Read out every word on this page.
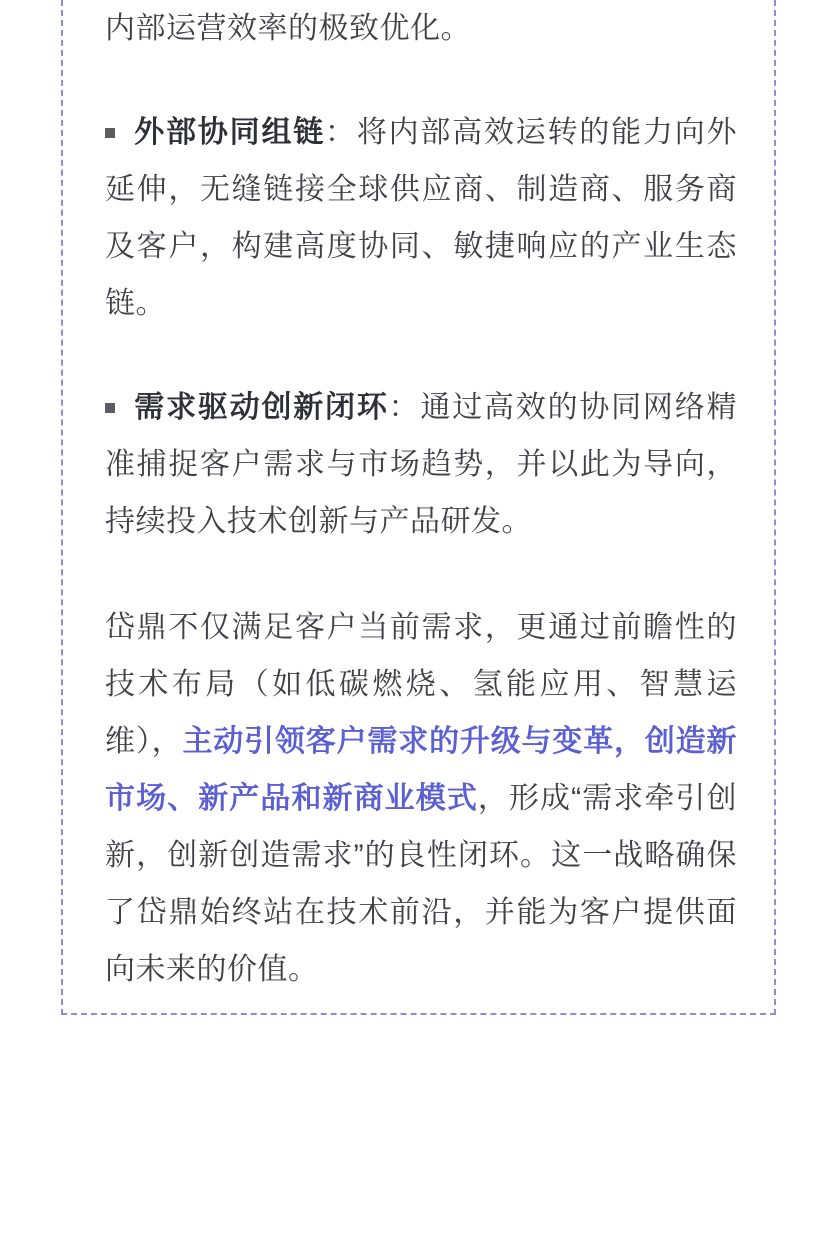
内部运营效率的极致优化。

外部协同组链：将内部高效运转的能力向外延伸，无缝链接全球供应商、制造商、服务商及客户，构建高度协同、敏捷响应的产业生态链。

需求驱动创新闭环：通过高效的协同网络精准捕捉客户需求与市场趋势，并以此为导向，持续投入技术创新与产品研发。

岱鼎不仅满足客户当前需求，更通过前瞻性的技术布局（如低碳燃烧、氢能应用、智慧运维），主动引领客户需求的升级与变革，创造新市场、新产品和新商业模式，形成“需求牵引创新，创新创造需求”的良性闭环。这一战略确保了岱鼎始终站在技术前沿，并能为客户提供面向未来的价值。
